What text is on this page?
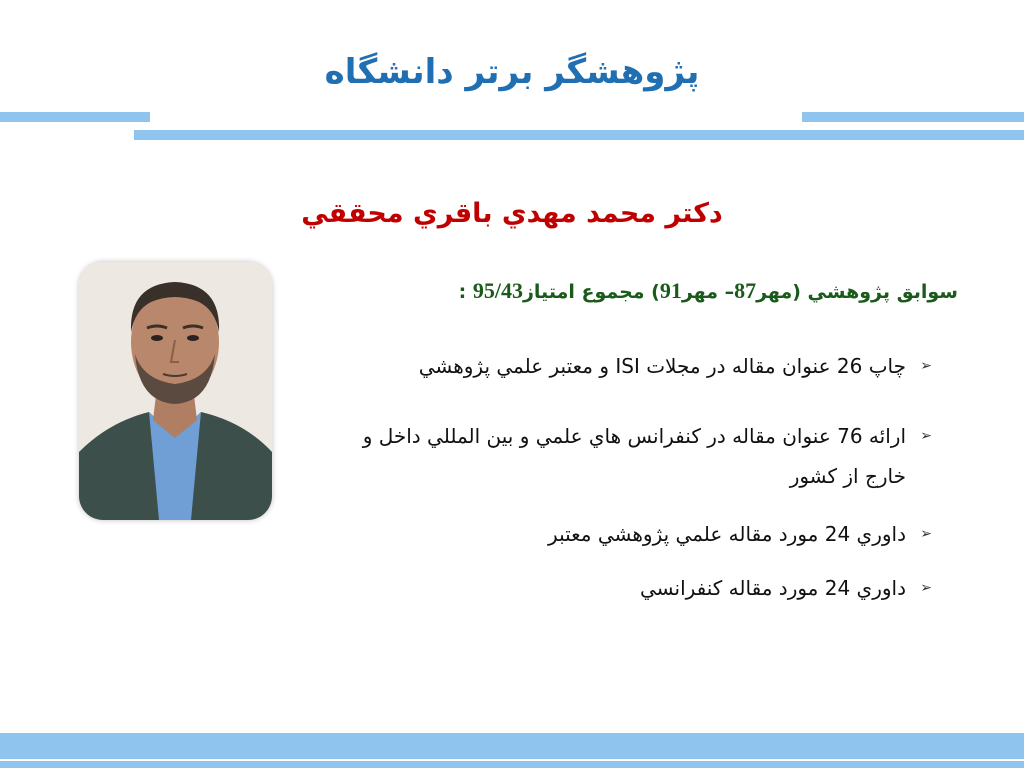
پژوهشگر برتر دانشگاه
دكتر محمد مهدي باقري محققي
سوابق پژوهشي (مهر87– مهر91) مجموع امتياز95/43 :
➢
چاپ 26 عنوان مقاله در مجلات ISI و معتبر علمي پژوهشي
➢
ارائه 76 عنوان مقاله در كنفرانس هاي علمي و بين المللي داخل و خارج از كشور
➢
داوري 24 مورد مقاله علمي پژوهشي معتبر
➢
داوري 24 مورد مقاله كنفرانسي
